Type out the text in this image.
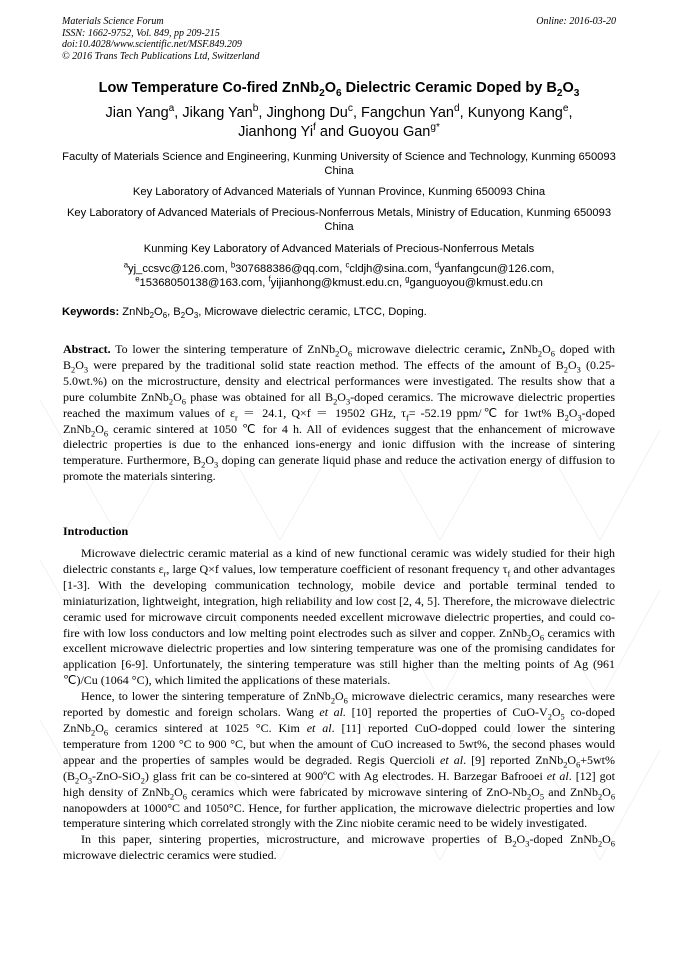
Materials Science Forum
ISSN: 1662-9752, Vol. 849, pp 209-215
doi:10.4028/www.scientific.net/MSF.849.209
© 2016 Trans Tech Publications Ltd, Switzerland
Online: 2016-03-20
Low Temperature Co-fired $ZnNb_2O_6$ Dielectric Ceramic Doped by $B_2O_3$
Jian Yang$^a$, Jikang Yan$^b$, Jinghong Du$^c$, Fangchun Yan$^d$, Kunyong Kang$^e$,
Jianhong Yi$^f$ and Guoyou Gan$^{g*}$
Faculty of Materials Science and Engineering, Kunming University of Science and Technology, Kunming 650093 China
Key Laboratory of Advanced Materials of Yunnan Province, Kunming 650093 China
Key Laboratory of Advanced Materials of Precious-Nonferrous Metals, Ministry of Education, Kunming 650093 China
Kunming Key Laboratory of Advanced Materials of Precious-Nonferrous Metals
$^a$yj_ccsvc@126.com, $^b$307688386@qq.com, $^c$cldjh@sina.com, $^d$yanfangcun@126.com,
$^e$15368050138@163.com, $^f$yijianhong@kmust.edu.cn, $^g$ganguoyou@kmust.edu.cn
Keywords: $ZnNb_2O_6$, $B_2O_3$, Microwave dielectric ceramic, LTCC, Doping.

Abstract. To lower the sintering temperature of $ZnNb_2O_6$ microwave dielectric ceramic, $ZnNb_2O_6$ doped with $B_2O_3$ were prepared by the traditional solid state reaction method. The effects of the amount of $B_2O_3$ (0.25-5.0wt.%) on the microstructure, density and electrical performances were investigated. The results show that a pure columbite $ZnNb_2O_6$ phase was obtained for all $B_2O_3$-doped ceramics. The microwave dielectric properties reached the maximum values of $\varepsilon_r = 24.1$, Q×f ＝ 19502 GHz, $\tau_f= -52.19$ ppm/℃ for 1wt% $B_2O_3$-doped $ZnNb_2O_6$ ceramic sintered at 1050 ℃ for 4 h. All of evidences suggest that the enhancement of microwave dielectric properties is due to the enhanced ions-energy and ionic diffusion with the increase of sintering temperature. Furthermore, $B_2O_3$ doping can generate liquid phase and reduce the activation energy of diffusion to promote the materials sintering.

Introduction

Microwave dielectric ceramic material as a kind of new functional ceramic was widely studied for their high dielectric constants $\varepsilon_r$, large Q×f values, low temperature coefficient of resonant frequency $\tau_f$ and other advantages [1-3]. With the developing communication technology, mobile device and portable terminal tended to miniaturization, lightweight, integration, high reliability and low cost [2, 4, 5]. Therefore, the microwave dielectric ceramic used for microwave circuit components needed excellent microwave dielectric properties, and could co-fire with low loss conductors and low melting point electrodes such as silver and copper. $ZnNb_2O_6$ ceramics with excellent microwave dielectric properties and low sintering temperature was one of the promising candidates for application [6-9]. Unfortunately, the sintering temperature was still higher than the melting points of Ag (961 ℃)/Cu (1064 °C), which limited the applications of these materials.

Hence, to lower the sintering temperature of $ZnNb_2O_6$ microwave dielectric ceramics, many researches were reported by domestic and foreign scholars. Wang et al. [10] reported the properties of CuO-$V_2O_5$ co-doped $ZnNb_2O_6$ ceramics sintered at 1025 °C. Kim et al. [11] reported CuO-dopped could lower the sintering temperature from 1200 °C to 900 °C, but when the amount of CuO increased to 5wt%, the second phases would appear and the properties of samples would be degraded. Regis Quercioli et al. [9] reported $ZnNb_2O_6+5wt\%$ $(B_2O_3-ZnO-SiO_2)$ glass frit can be co-sintered at 900ºC with Ag electrodes. H. Barzegar Bafrooei et al. [12] got high density of $ZnNb_2O_6$ ceramics which were fabricated by microwave sintering of ZnO-$Nb_2O_5$ and $ZnNb_2O_6$ nanopowders at 1000°C and 1050°C. Hence, for further application, the microwave dielectric properties and low temperature sintering which correlated strongly with the Zinc niobite ceramic need to be widely investigated.

In this paper, sintering properties, microstructure, and microwave properties of $B_2O_3$-doped $ZnNb_2O_6$ microwave dielectric ceramics were studied.
